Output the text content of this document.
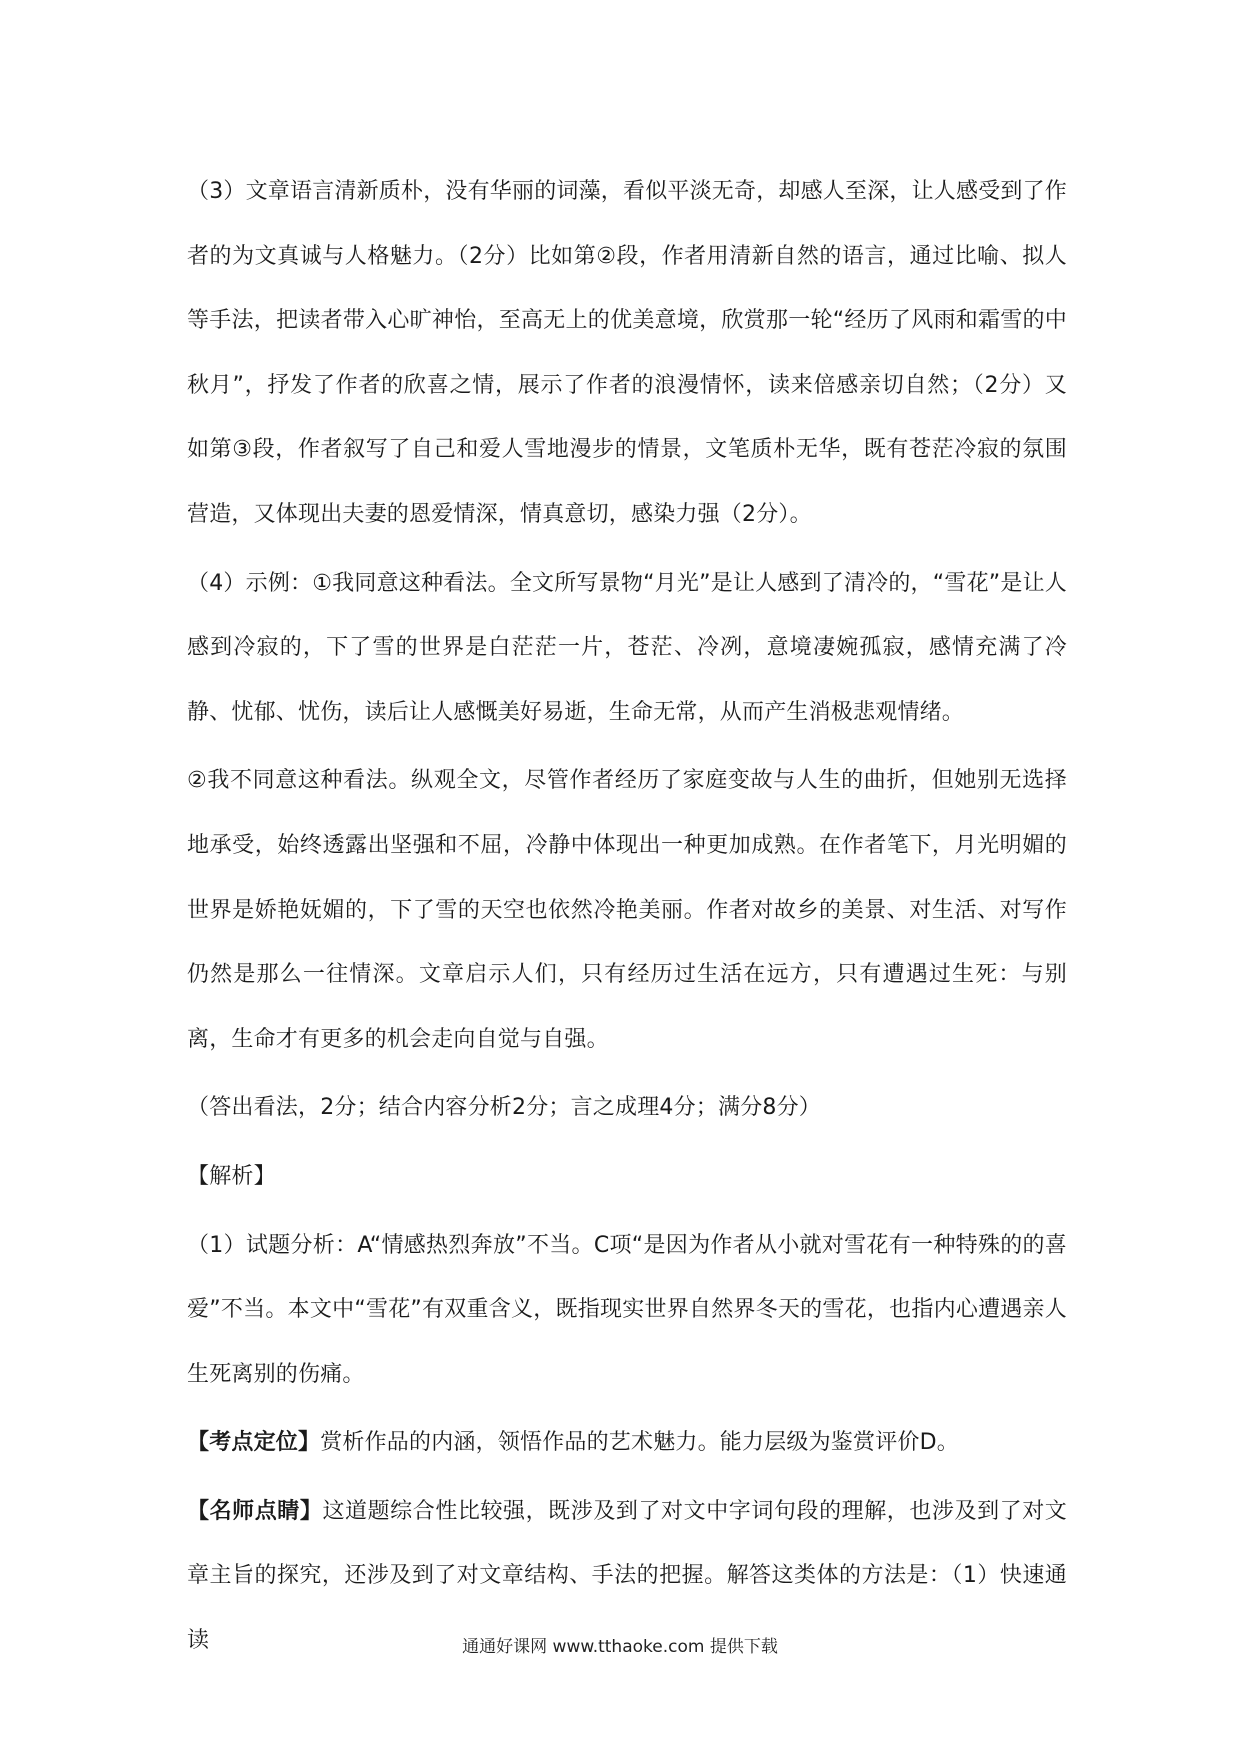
（3）文章语言清新质朴，没有华丽的词藻，看似平淡无奇，却感人至深，让人感受到了作者的为文真诚与人格魅力。（2分）比如第②段，作者用清新自然的语言，通过比喻、拟人等手法，把读者带入心旷神怡，至高无上的优美意境，欣赏那一轮“经历了风雨和霜雪的中秋月”，抒发了作者的欣喜之情，展示了作者的浪漫情怀，读来倍感亲切自然；（2分）又如第③段，作者叙写了自己和爱人雪地漫步的情景，文笔质朴无华，既有苍茫冷寂的氛围营造，又体现出夫妻的恩爱情深，情真意切，感染力强（2分）。

（4）示例：①我同意这种看法。全文所写景物“月光”是让人感到了清冷的，“雪花”是让人感到冷寂的，下了雪的世界是白茫茫一片，苍茫、冷冽，意境凄婉孤寂，感情充满了冷静、忧郁、忧伤，读后让人感慨美好易逝，生命无常，从而产生消极悲观情绪。

②我不同意这种看法。纵观全文，尽管作者经历了家庭变故与人生的曲折，但她别无选择地承受，始终透露出坚强和不屈，冷静中体现出一种更加成熟。在作者笔下，月光明媚的世界是娇艳妩媚的，下了雪的天空也依然冷艳美丽。作者对故乡的美景、对生活、对写作仍然是那么一往情深。文章启示人们，只有经历过生活在远方，只有遭遇过生死：与别离，生命才有更多的机会走向自觉与自强。

（答出看法，2分；结合内容分析2分；言之成理4分；满分8分）

【解析】

（1）试题分析：A“情感热烈奔放”不当。C项“是因为作者从小就对雪花有一种特殊的的喜爱”不当。本文中“雪花”有双重含义，既指现实世界自然界冬天的雪花，也指内心遭遇亲人生死离别的伤痛。

【考点定位】赏析作品的内涵，领悟作品的艺术魅力。能力层级为鉴赏评价D。

【名师点睛】这道题综合性比较强，既涉及到了对文中字词句段的理解，也涉及到了对文章主旨的探究，还涉及到了对文章结构、手法的把握。解答这类体的方法是：（1）快速通读	通通好课网 www.tthaoke.com 提供下载
